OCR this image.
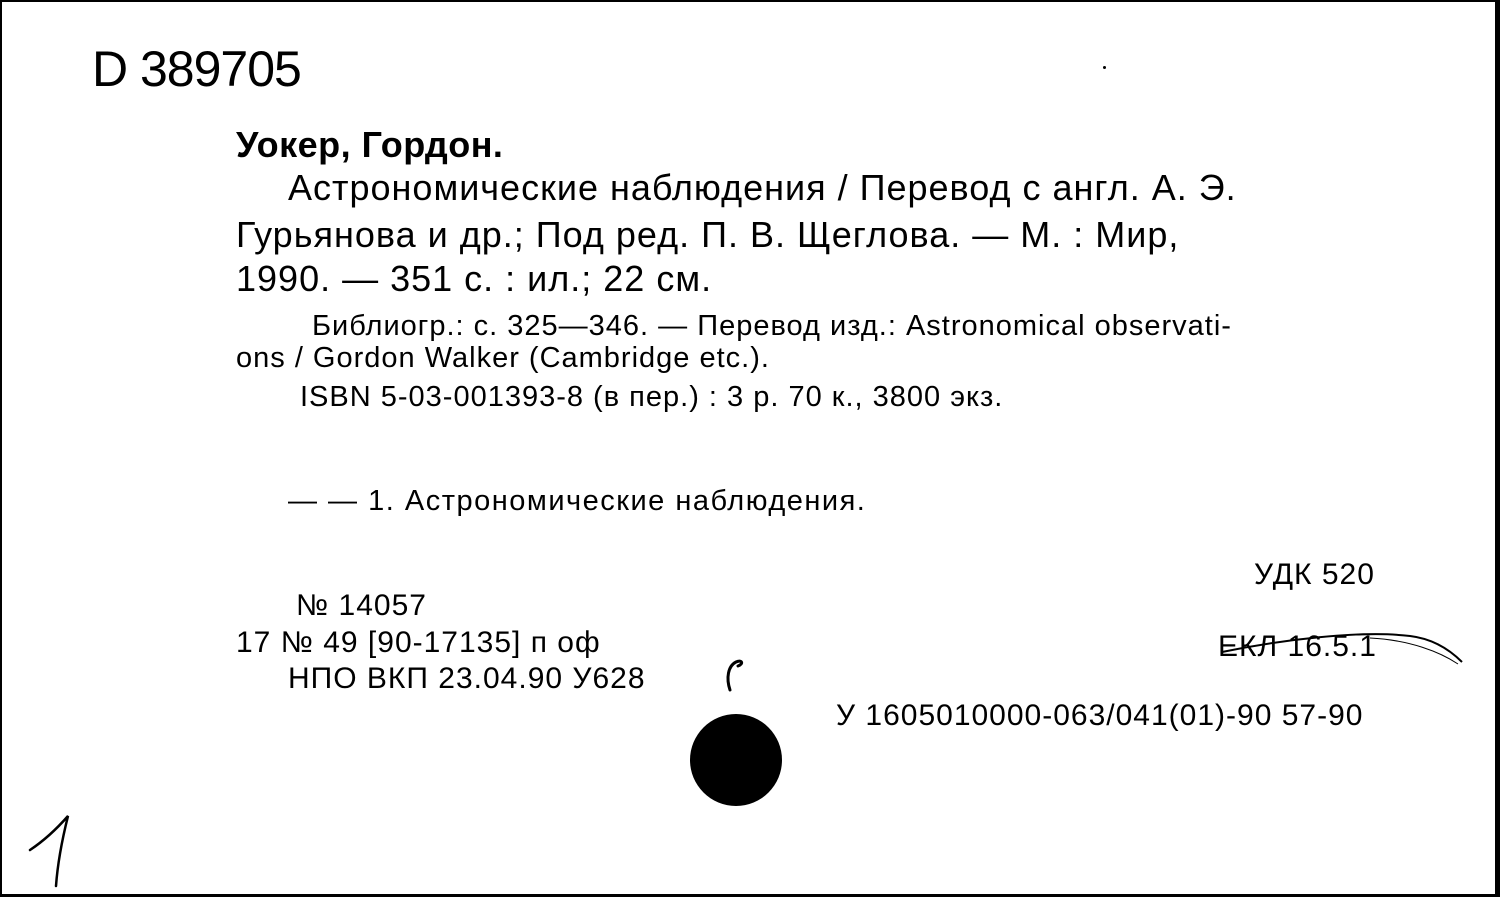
D 389705
Уокер, Гордон.
Астрономические наблюдения / Перевод с англ. А. Э.
Гурьянова и др.; Под ред. П. В. Щеглова. — М. : Мир,
1990. — 351 с. : ил.; 22 см.
Библиогр.: с. 325—346. — Перевод изд.: Astronomical observati-
ons / Gordon Walker (Cambridge etc.).
ISBN 5-03-001393-8 (в пер.) : 3 р. 70 к., 3800 экз.
— — 1. Астрономические наблюдения.
УДК 520
№ 14057
17 № 49 [90-17135] п оф	ЕКЛ 16.5.1
НПО ВКП 23.04.90 У628
У 1605010000-063/041(01)-90 57-90
